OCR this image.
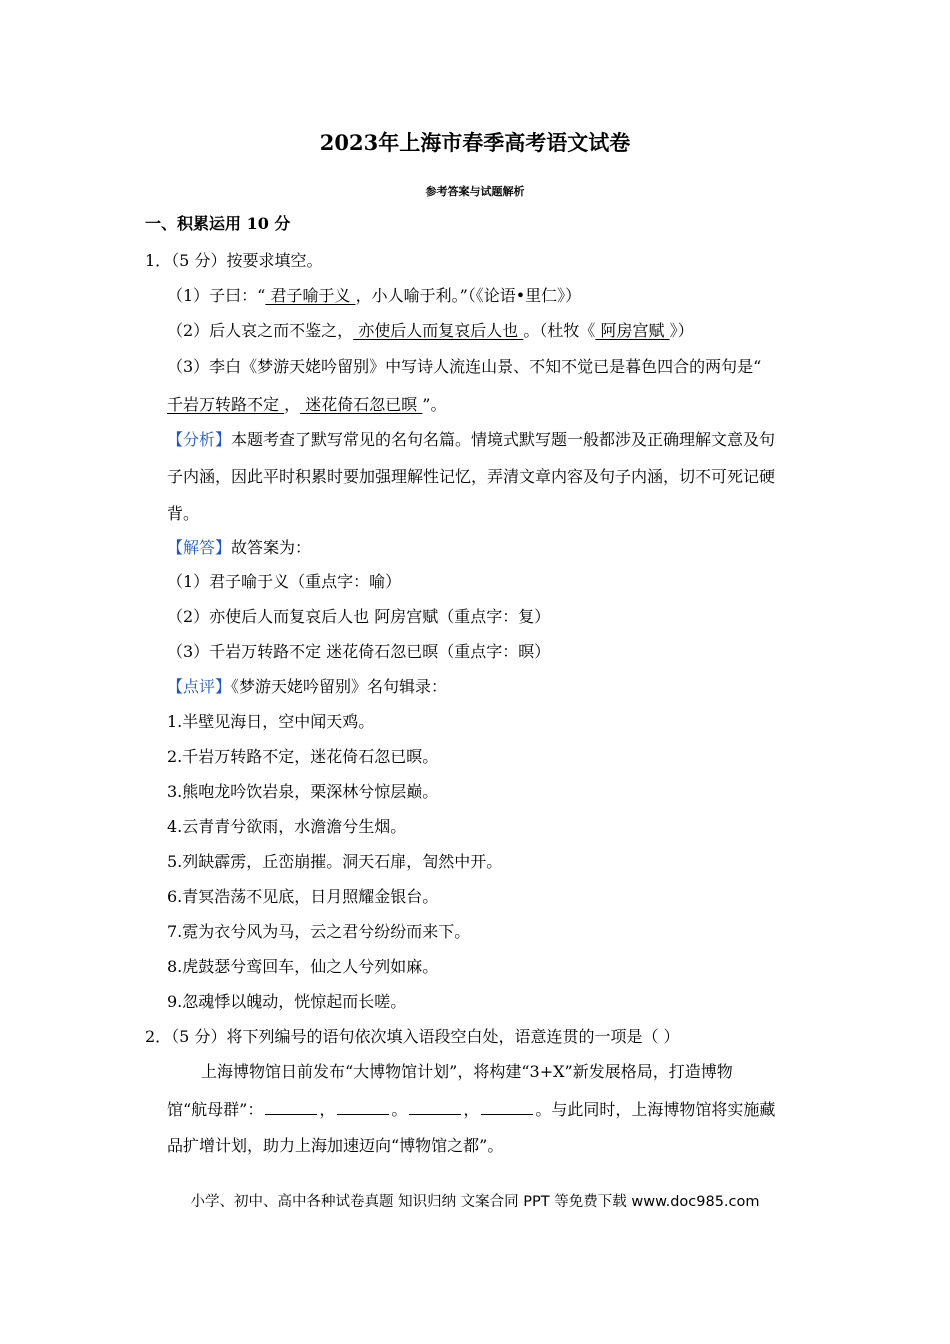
2023年上海市春季高考语文试卷
参考答案与试题解析
一、积累运用 10 分
1．（5 分）按要求填空。
（1）子曰：“ 君子喻于义 ，小人喻于利。”（《论语•里仁》）
（2）后人哀之而不鉴之， 亦使后人而复哀后人也 。（杜牧《 阿房宫赋 》）
（3）李白《梦游天姥吟留别》中写诗人流连山景、不知不觉已是暮色四合的两句是“
千岩万转路不定 ， 迷花倚石忽已暝 ”。
【分析】本题考查了默写常见的名句名篇。情境式默写题一般都涉及正确理解文意及句
子内涵，因此平时积累时要加强理解性记忆，弄清文章内容及句子内涵，切不可死记硬
背。
【解答】故答案为：
（1）君子喻于义（重点字：喻）
（2）亦使后人而复哀后人也 阿房宫赋（重点字：复）
（3）千岩万转路不定 迷花倚石忽已暝（重点字：暝）
【点评】《梦游天姥吟留别》名句辑录：
1.半壁见海日，空中闻天鸡。
2.千岩万转路不定，迷花倚石忽已暝。
3.熊咆龙吟饮岩泉，栗深林兮惊层巅。
4.云青青兮欲雨，水澹澹兮生烟。
5.列缺霹雳，丘峦崩摧。洞天石扉，訇然中开。
6.青冥浩荡不见底，日月照耀金银台。
7.霓为衣兮风为马，云之君兮纷纷而来下。
8.虎鼓瑟兮鸾回车，仙之人兮列如麻。
9.忽魂悸以魄动，恍惊起而长嗟。
2．（5 分）将下列编号的语句依次填入语段空白处，语意连贯的一项是（ ）
上海博物馆日前发布“大博物馆计划”，将构建“3+X”新发展格局，打造博物
馆“航母群”：	，	。	，	。与此同时，上海博物馆将实施藏
品扩增计划，助力上海加速迈向“博物馆之都”。
小学、初中、高中各种试卷真题 知识归纳 文案合同 PPT 等免费下载 www.doc985.com
